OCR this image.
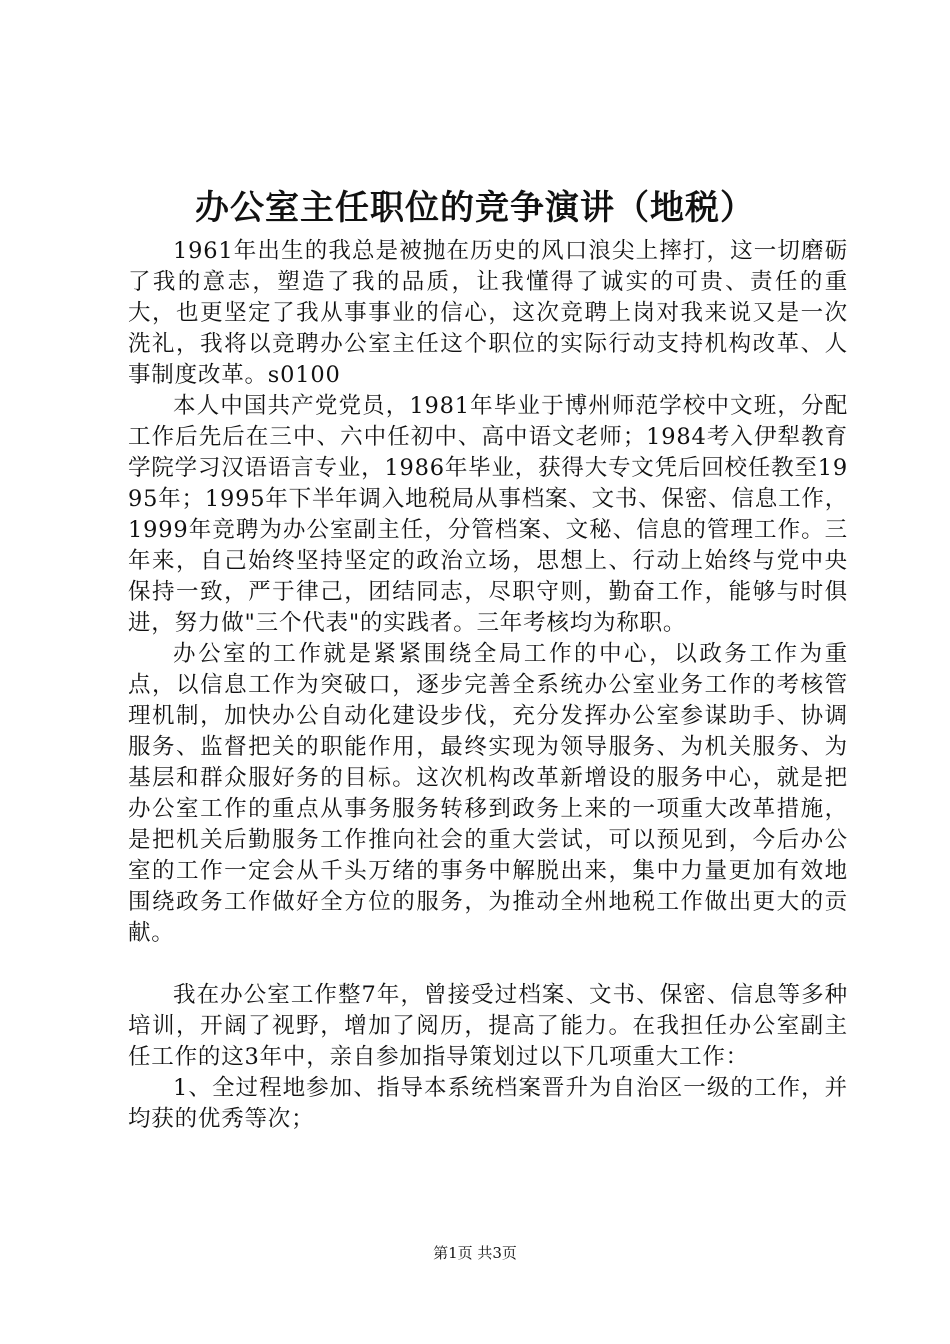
办公室主任职位的竞争演讲（地税）

1961年出生的我总是被抛在历史的风口浪尖上摔打，这一切磨砺了我的意志，塑造了我的品质，让我懂得了诚实的可贵、责任的重大，也更坚定了我从事事业的信心，这次竞聘上岗对我来说又是一次洗礼，我将以竞聘办公室主任这个职位的实际行动支持机构改革、人事制度改革。s0100

本人中国共产党党员，1981年毕业于博州师范学校中文班，分配工作后先后在三中、六中任初中、高中语文老师；1984考入伊犁教育学院学习汉语语言专业，1986年毕业，获得大专文凭后回校任教至1995年；1995年下半年调入地税局从事档案、文书、保密、信息工作，1999年竞聘为办公室副主任，分管档案、文秘、信息的管理工作。三年来，自己始终坚持坚定的政治立场，思想上、行动上始终与党中央保持一致，严于律己，团结同志，尽职守则，勤奋工作，能够与时俱进，努力做"三个代表"的实践者。三年考核均为称职。

办公室的工作就是紧紧围绕全局工作的中心，以政务工作为重点，以信息工作为突破口，逐步完善全系统办公室业务工作的考核管理机制，加快办公自动化建设步伐，充分发挥办公室参谋助手、协调服务、监督把关的职能作用，最终实现为领导服务、为机关服务、为基层和群众服好务的目标。这次机构改革新增设的服务中心，就是把办公室工作的重点从事务服务转移到政务上来的一项重大改革措施，是把机关后勤服务工作推向社会的重大尝试，可以预见到，今后办公室的工作一定会从千头万绪的事务中解脱出来，集中力量更加有效地围绕政务工作做好全方位的服务，为推动全州地税工作做出更大的贡献。

我在办公室工作整7年，曾接受过档案、文书、保密、信息等多种培训，开阔了视野，增加了阅历，提高了能力。在我担任办公室副主任工作的这3年中，亲自参加指导策划过以下几项重大工作：

1、全过程地参加、指导本系统档案晋升为自治区一级的工作，并均获的优秀等次；

第1页 共3页
